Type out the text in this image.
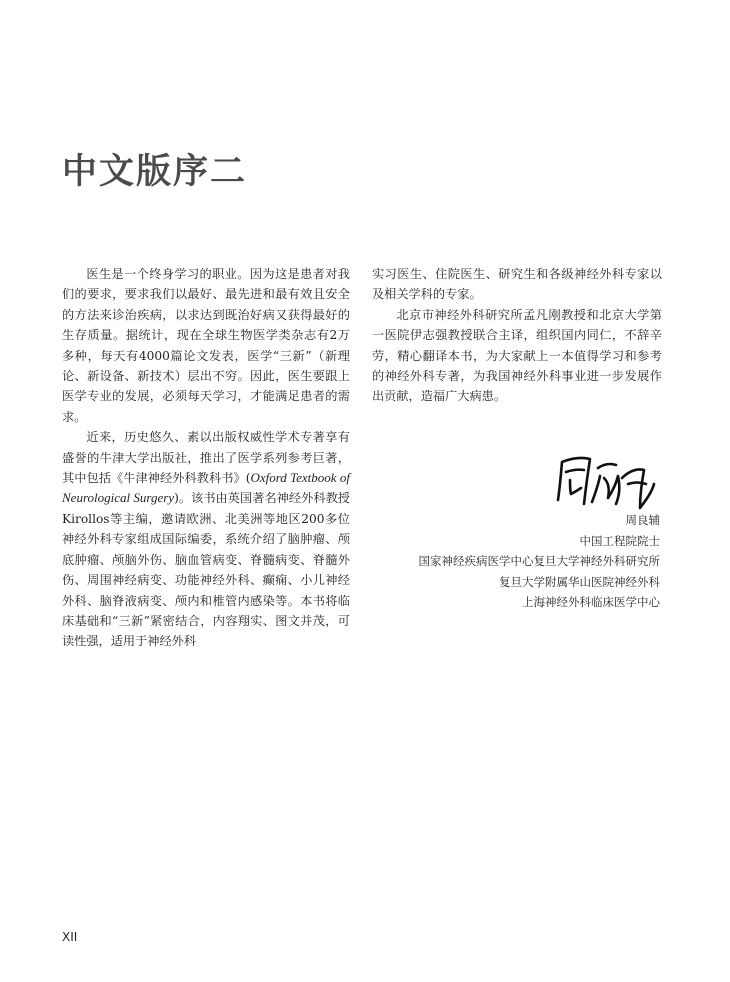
中文版序二

医生是一个终身学习的职业。因为这是患者对我们的要求，要求我们以最好、最先进和最有效且安全的方法来诊治疾病，以求达到既治好病又获得最好的生存质量。据统计，现在全球生物医学类杂志有2万多种，每天有4000篇论文发表，医学“三新”（新理论、新设备、新技术）层出不穷。因此，医生要跟上医学专业的发展，必须每天学习，才能满足患者的需求。

近来，历史悠久、素以出版权威性学术专著享有盛誉的牛津大学出版社，推出了医学系列参考巨著，其中包括《牛津神经外科教科书》(Oxford Textbook of Neurological Surgery)。该书由英国著名神经外科教授Kirollos等主编，邀请欧洲、北美洲等地区200多位神经外科专家组成国际编委，系统介绍了脑肿瘤、颅底肿瘤、颅脑外伤、脑血管病变、脊髓病变、脊髓外伤、周围神经病变、功能神经外科、癫痫、小儿神经外科、脑脊液病变、颅内和椎管内感染等。本书将临床基础和“三新”紧密结合，内容翔实、图文并茂，可读性强，适用于神经外科

实习医生、住院医生、研究生和各级神经外科专家以及相关学科的专家。

北京市神经外科研究所孟凡刚教授和北京大学第一医院伊志强教授联合主译，组织国内同仁，不辞辛劳，精心翻译本书，为大家献上一本值得学习和参考的神经外科专著，为我国神经外科事业进一步发展作出贡献，造福广大病患。

周良辅
中国工程院院士
国家神经疾病医学中心复旦大学神经外科研究所
复旦大学附属华山医院神经外科
上海神经外科临床医学中心
XII
